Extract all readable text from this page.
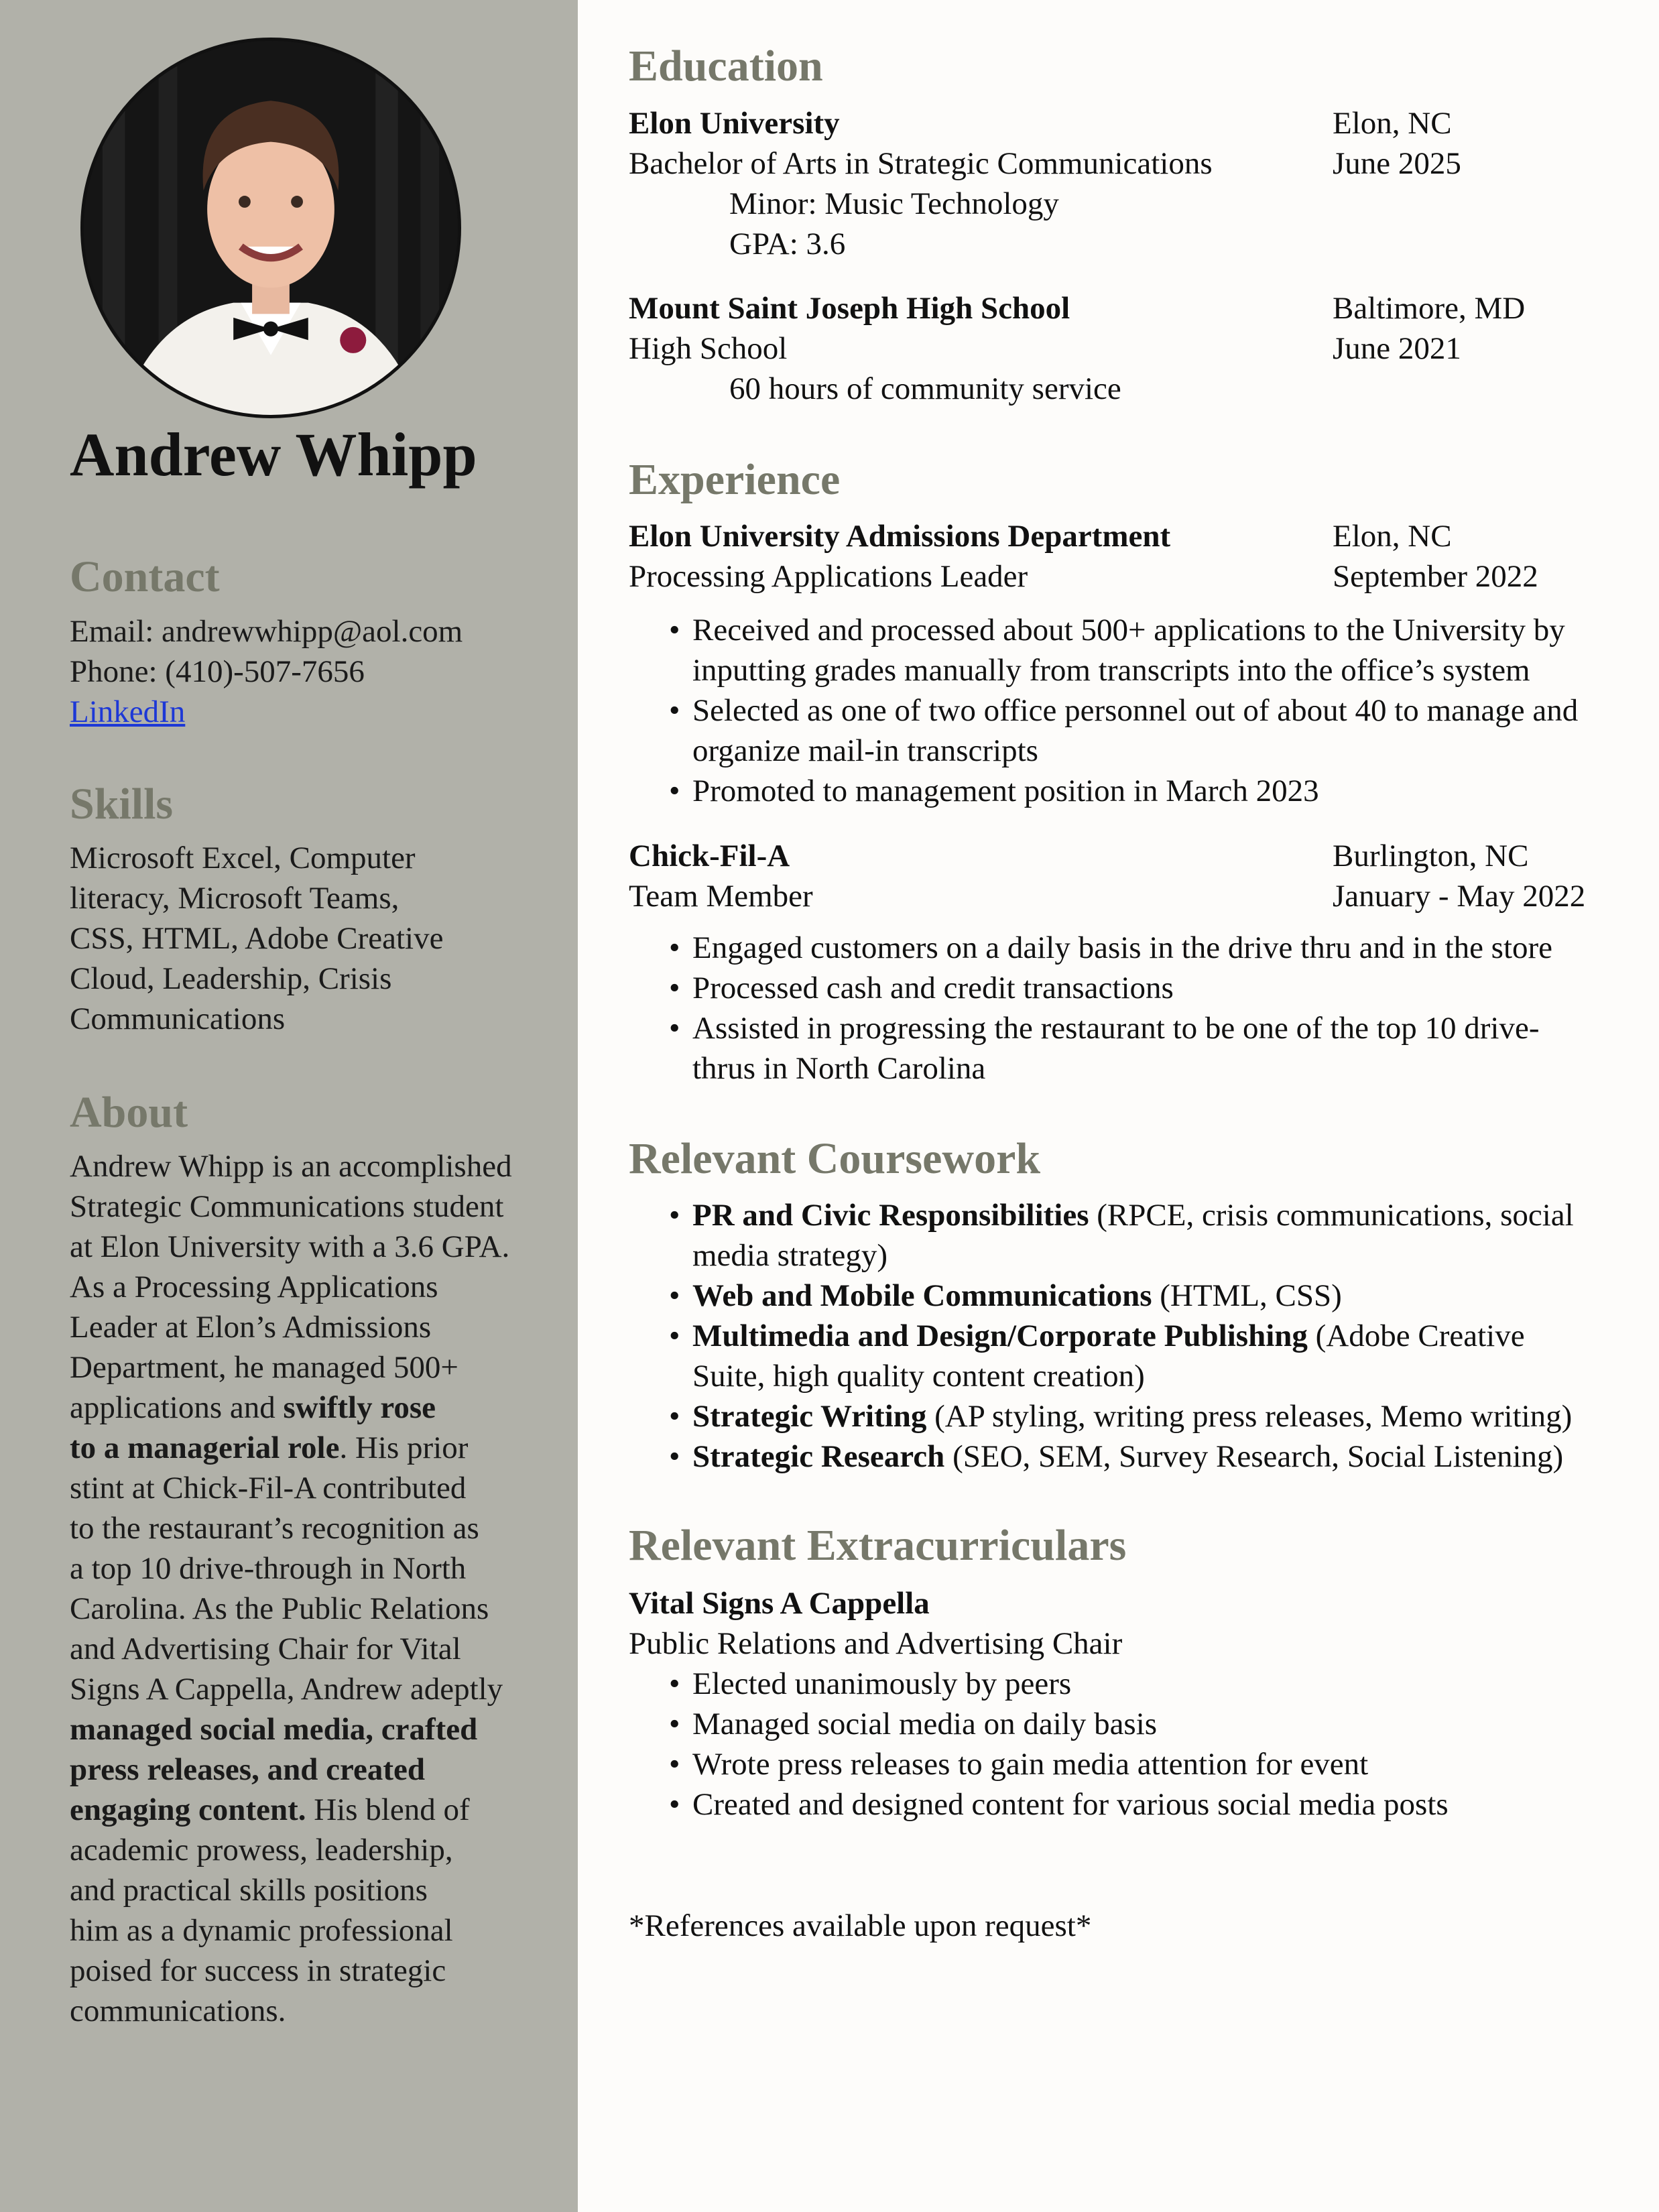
Andrew Whipp
Contact

Email: andrewwhipp@aol.com

Phone: (410)-507-7656

LinkedIn

Skills

Microsoft Excel, Computer

literacy, Microsoft Teams,

CSS, HTML, Adobe Creative

Cloud, Leadership, Crisis

Communications

About

Andrew Whipp is an accomplished

Strategic Communications student

at Elon University with a 3.6 GPA.

As a Processing Applications

Leader at Elon’s Admissions

Department, he managed 500+

applications and swiftly rose

to a managerial role. His prior

stint at Chick-Fil-A contributed

to the restaurant’s recognition as

a top 10 drive-through in North

Carolina. As the Public Relations

and Advertising Chair for Vital

Signs A Cappella, Andrew adeptly

managed social media, crafted

press releases, and created

engaging content. His blend of

academic prowess, leadership,

and practical skills positions

him as a dynamic professional

poised for success in strategic

communications.

Education
Elon University	Elon, NC
Bachelor of Arts in Strategic Communications	June 2025
Minor: Music Technology
GPA: 3.6
Mount Saint Joseph High School	Baltimore, MD
High School	June 2021
60 hours of community service
Experience
Elon University Admissions Department	Elon, NC
Processing Applications Leader	September 2022
• Received and processed about 500+ applications to the University by
inputting grades manually from transcripts into the office’s system
• Selected as one of two office personnel out of about 40 to manage and
organize mail-in transcripts
• Promoted to management position in March 2023
Chick-Fil-A	Burlington, NC
Team Member	January - May 2022
• Engaged customers on a daily basis in the drive thru and in the store
• Processed cash and credit transactions
• Assisted in progressing the restaurant to be one of the top 10 drive-
thrus in North Carolina
Relevant Coursework
• PR and Civic Responsibilities (RPCE, crisis communications, social
media strategy)
• Web and Mobile Communications (HTML, CSS)
• Multimedia and Design/Corporate Publishing (Adobe Creative
Suite, high quality content creation)
• Strategic Writing (AP styling, writing press releases, Memo writing)
• Strategic Research (SEO, SEM, Survey Research, Social Listening)
Relevant Extracurriculars
Vital Signs A Cappella
Public Relations and Advertising Chair
• Elected unanimously by peers
• Managed social media on daily basis
• Wrote press releases to gain media attention for event
• Created and designed content for various social media posts
*References available upon request*
